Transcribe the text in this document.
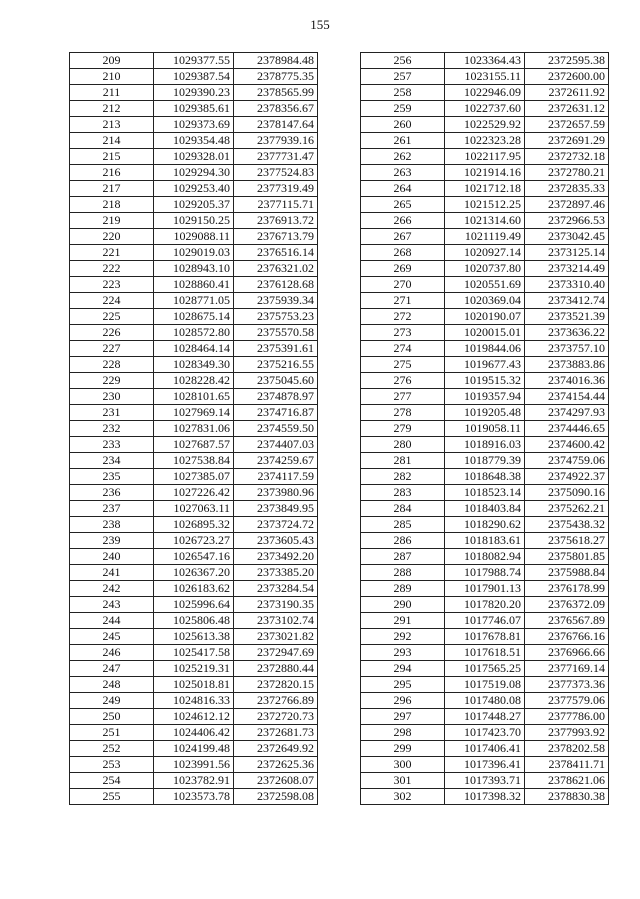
155
209	1029377.55	2378984.48
210	1029387.54	2378775.35
211	1029390.23	2378565.99
212	1029385.61	2378356.67
213	1029373.69	2378147.64
214	1029354.48	2377939.16
215	1029328.01	2377731.47
216	1029294.30	2377524.83
217	1029253.40	2377319.49
218	1029205.37	2377115.71
219	1029150.25	2376913.72
220	1029088.11	2376713.79
221	1029019.03	2376516.14
222	1028943.10	2376321.02
223	1028860.41	2376128.68
224	1028771.05	2375939.34
225	1028675.14	2375753.23
226	1028572.80	2375570.58
227	1028464.14	2375391.61
228	1028349.30	2375216.55
229	1028228.42	2375045.60
230	1028101.65	2374878.97
231	1027969.14	2374716.87
232	1027831.06	2374559.50
233	1027687.57	2374407.03
234	1027538.84	2374259.67
235	1027385.07	2374117.59
236	1027226.42	2373980.96
237	1027063.11	2373849.95
238	1026895.32	2373724.72
239	1026723.27	2373605.43
240	1026547.16	2373492.20
241	1026367.20	2373385.20
242	1026183.62	2373284.54
243	1025996.64	2373190.35
244	1025806.48	2373102.74
245	1025613.38	2373021.82
246	1025417.58	2372947.69
247	1025219.31	2372880.44
248	1025018.81	2372820.15
249	1024816.33	2372766.89
250	1024612.12	2372720.73
251	1024406.42	2372681.73
252	1024199.48	2372649.92
253	1023991.56	2372625.36
254	1023782.91	2372608.07
255	1023573.78	2372598.08
256	1023364.43	2372595.38
257	1023155.11	2372600.00
258	1022946.09	2372611.92
259	1022737.60	2372631.12
260	1022529.92	2372657.59
261	1022323.28	2372691.29
262	1022117.95	2372732.18
263	1021914.16	2372780.21
264	1021712.18	2372835.33
265	1021512.25	2372897.46
266	1021314.60	2372966.53
267	1021119.49	2373042.45
268	1020927.14	2373125.14
269	1020737.80	2373214.49
270	1020551.69	2373310.40
271	1020369.04	2373412.74
272	1020190.07	2373521.39
273	1020015.01	2373636.22
274	1019844.06	2373757.10
275	1019677.43	2373883.86
276	1019515.32	2374016.36
277	1019357.94	2374154.44
278	1019205.48	2374297.93
279	1019058.11	2374446.65
280	1018916.03	2374600.42
281	1018779.39	2374759.06
282	1018648.38	2374922.37
283	1018523.14	2375090.16
284	1018403.84	2375262.21
285	1018290.62	2375438.32
286	1018183.61	2375618.27
287	1018082.94	2375801.85
288	1017988.74	2375988.84
289	1017901.13	2376178.99
290	1017820.20	2376372.09
291	1017746.07	2376567.89
292	1017678.81	2376766.16
293	1017618.51	2376966.66
294	1017565.25	2377169.14
295	1017519.08	2377373.36
296	1017480.08	2377579.06
297	1017448.27	2377786.00
298	1017423.70	2377993.92
299	1017406.41	2378202.58
300	1017396.41	2378411.71
301	1017393.71	2378621.06
302	1017398.32	2378830.38
